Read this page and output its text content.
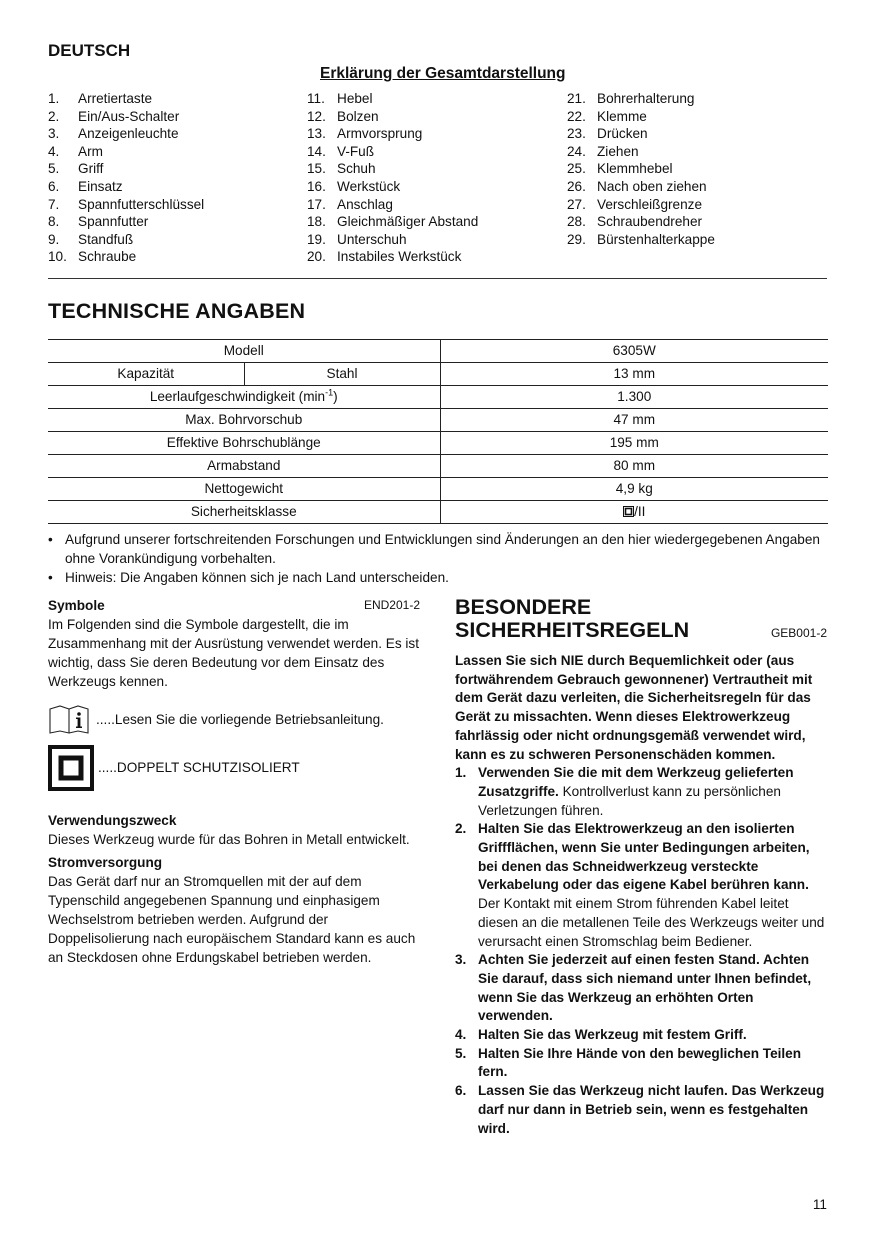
DEUTSCH
Erklärung der Gesamtdarstellung
1. Arretiertaste
2. Ein/Aus-Schalter
3. Anzeigenleuchte
4. Arm
5. Griff
6. Einsatz
7. Spannfutterschlüssel
8. Spannfutter
9. Standfuß
10. Schraube
11. Hebel
12. Bolzen
13. Armvorsprung
14. V-Fuß
15. Schuh
16. Werkstück
17. Anschlag
18. Gleichmäßiger Abstand
19. Unterschuh
20. Instabiles Werkstück
21. Bohrerhalterung
22. Klemme
23. Drücken
24. Ziehen
25. Klemmhebel
26. Nach oben ziehen
27. Verschleißgrenze
28. Schraubendreher
29. Bürstenhalterkappe
TECHNISCHE ANGABEN
Modell		6305W
Kapazität	Stahl	13 mm
Leerlaufgeschwindigkeit $(\min^{-1})$		1.300
Max. Bohrvorschub		47 mm
Effektive Bohrschublänge		195 mm
Armabstand		80 mm
Nettogewicht		4,9 kg
Sicherheitsklasse		/II
• Aufgrund unserer fortschreitenden Forschungen und Entwicklungen sind Änderungen an den hier wiedergegebenen Angaben ohne Vorankündigung vorbehalten.
• Hinweis: Die Angaben können sich je nach Land unterscheiden.
Symbole	END201-2
Im Folgenden sind die Symbole dargestellt, die im Zusammenhang mit der Ausrüstung verwendet werden. Es ist wichtig, dass Sie deren Bedeutung vor dem Einsatz des Werkzeugs kennen.
.....Lesen Sie die vorliegende Betriebsanleitung.
.....DOPPELT SCHUTZISOLIERT
Verwendungszweck
Dieses Werkzeug wurde für das Bohren in Metall entwickelt.
Stromversorgung
Das Gerät darf nur an Stromquellen mit der auf dem Typenschild angegebenen Spannung und einphasigem Wechselstrom betrieben werden. Aufgrund der Doppelisolierung nach europäischem Standard kann es auch an Steckdosen ohne Erdungskabel betrieben werden.
BESONDERE
SICHERHEITSREGELN	GEB001-2
Lassen Sie sich NIE durch Bequemlichkeit oder (aus fortwährendem Gebrauch gewonnener) Vertrautheit mit dem Gerät dazu verleiten, die Sicherheitsregeln für das Gerät zu missachten. Wenn dieses Elektrowerkzeug fahrlässig oder nicht ordnungsgemäß verwendet wird, kann es zu schweren Personenschäden kommen.
1. Verwenden Sie die mit dem Werkzeug gelieferten Zusatzgriffe. Kontrollverlust kann zu persönlichen Verletzungen führen.
2. Halten Sie das Elektrowerkzeug an den isolierten Griffflächen, wenn Sie unter Bedingungen arbeiten, bei denen das Schneidwerkzeug versteckte Verkabelung oder das eigene Kabel berühren kann. Der Kontakt mit einem Strom führenden Kabel leitet diesen an die metallenen Teile des Werkzeugs weiter und verursacht einen Stromschlag beim Bediener.
3. Achten Sie jederzeit auf einen festen Stand. Achten Sie darauf, dass sich niemand unter Ihnen befindet, wenn Sie das Werkzeug an erhöhten Orten verwenden.
4. Halten Sie das Werkzeug mit festem Griff.
5. Halten Sie Ihre Hände von den beweglichen Teilen fern.
6. Lassen Sie das Werkzeug nicht laufen. Das Werkzeug darf nur dann in Betrieb sein, wenn es festgehalten wird.
11
